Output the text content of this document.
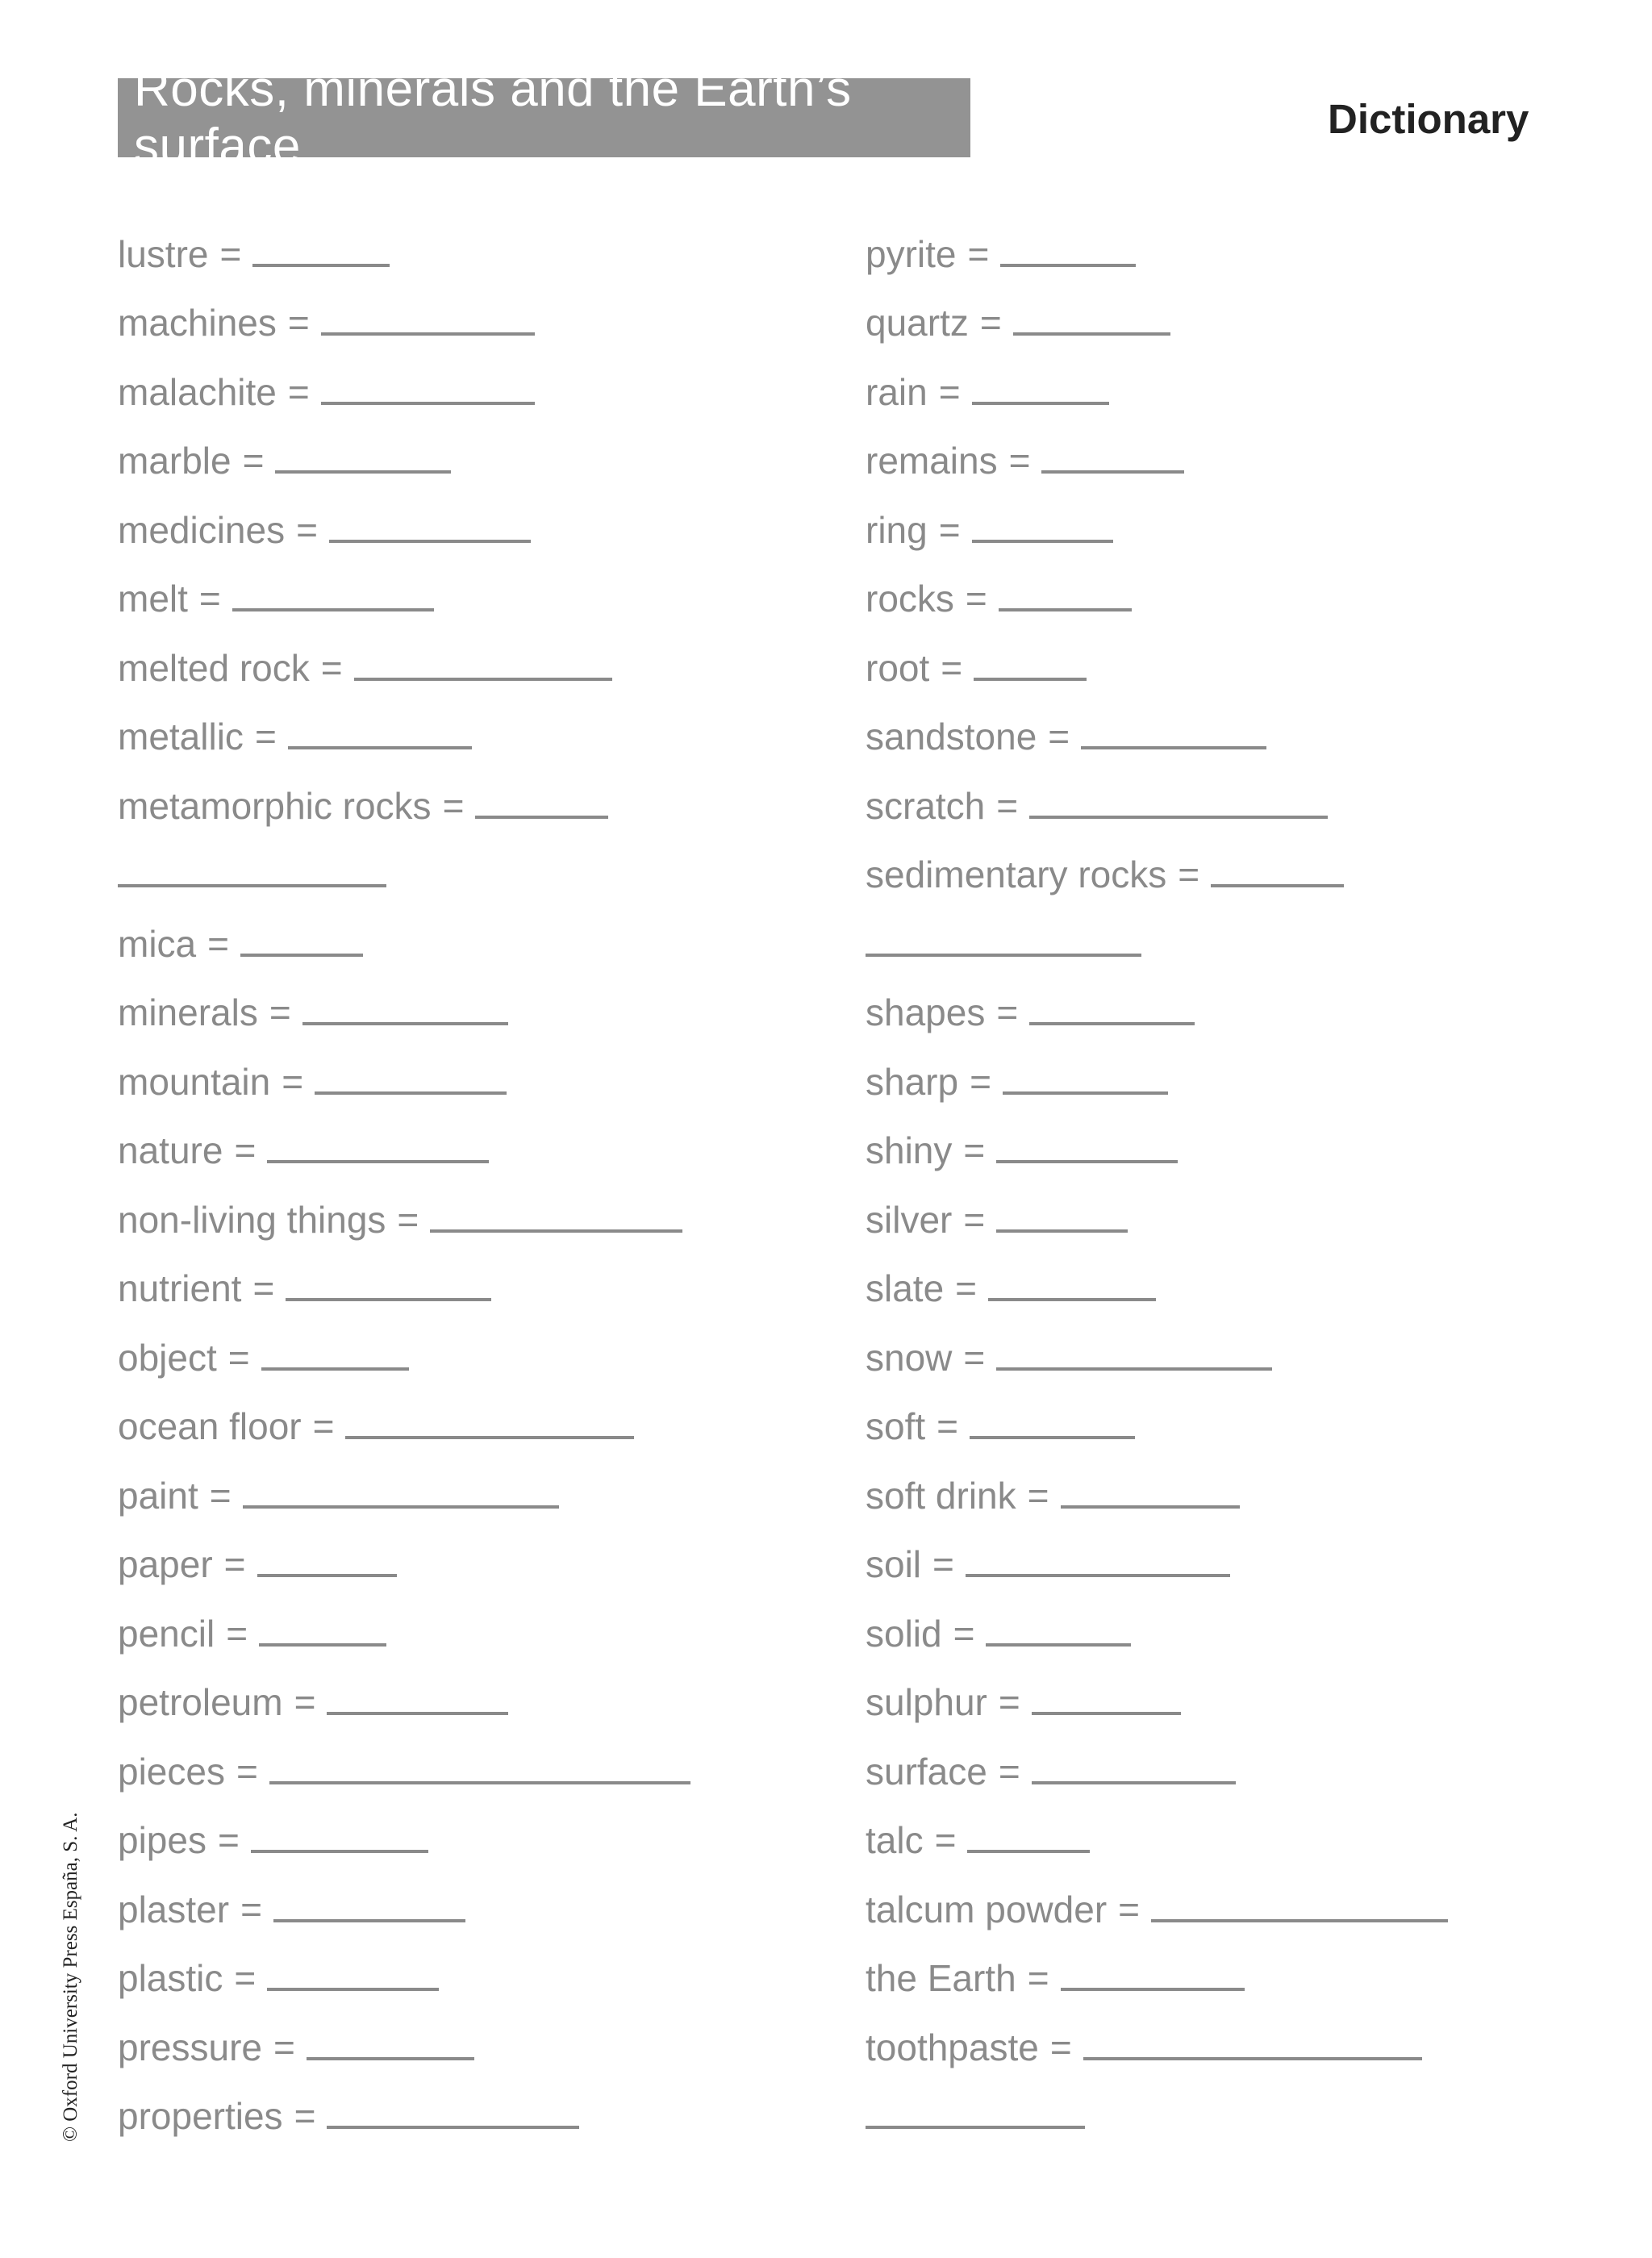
Rocks, minerals and the Earth’s surface	Dictionary
lustre =
machines =
malachite =
marble =
medicines =
melt =
melted rock =
metallic =
metamorphic rocks =
mica =
minerals =
mountain =
nature =
non-living things =
nutrient =
object =
ocean floor =
paint =
paper =
pencil =
petroleum =
pieces =
pipes =
plaster =
plastic =
pressure =
properties =
pyrite =
quartz =
rain =
remains =
ring =
rocks =
root =
sandstone =
scratch =
sedimentary rocks =
shapes =
sharp =
shiny =
silver =
slate =
snow =
soft =
soft drink =
soil =
solid =
sulphur =
surface =
talc =
talcum powder =
the Earth =
toothpaste =
© Oxford University Press España, S. A.
